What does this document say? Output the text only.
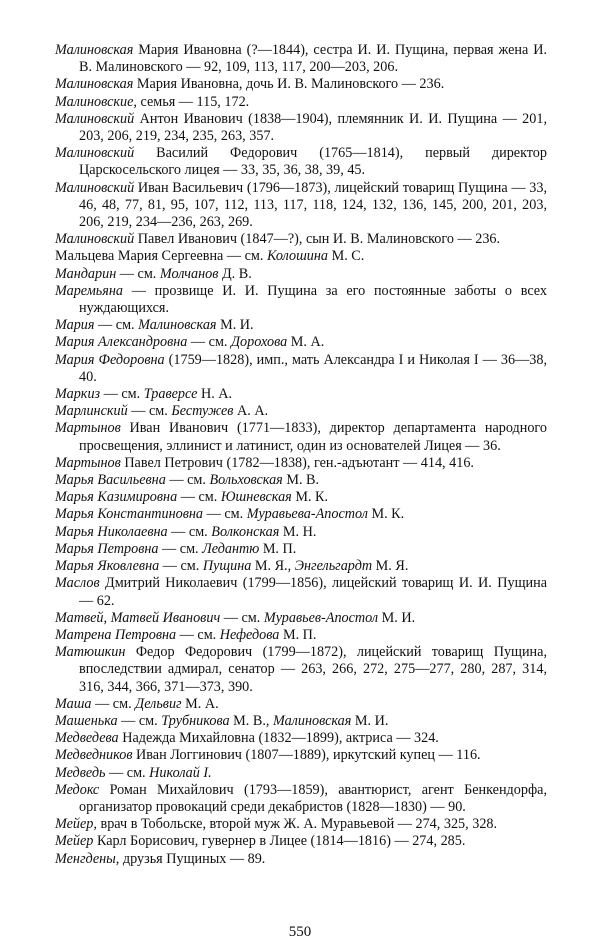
Малиновская Мария Ивановна (?—1844), сестра И. И. Пущина, первая жена И. В. Малиновского — 92, 109, 113, 117, 200—203, 206.
Малиновская Мария Ивановна, дочь И. В. Малиновского — 236.
Малиновские, семья — 115, 172.
Малиновский Антон Иванович (1838—1904), племянник И. И. Пущина — 201, 203, 206, 219, 234, 235, 263, 357.
Малиновский Василий Федорович (1765—1814), первый директор Царскосельского лицея — 33, 35, 36, 38, 39, 45.
Малиновский Иван Васильевич (1796—1873), лицейский товарищ Пущина — 33, 46, 48, 77, 81, 95, 107, 112, 113, 117, 118, 124, 132, 136, 145, 200, 201, 203, 206, 219, 234—236, 263, 269.
Малиновский Павел Иванович (1847—?), сын И. В. Малиновского — 236.
Мальцева Мария Сергеевна — см. Колошина М. С.
Мандарин — см. Молчанов Д. В.
Маремьяна — прозвище И. И. Пущина за его постоянные заботы о всех нуждающихся.
Мария — см. Малиновская М. И.
Мария Александровна — см. Дорохова М. А.
Мария Федоровна (1759—1828), имп., мать Александра I и Николая I — 36—38, 40.
Маркиз — см. Траверсе Н. А.
Марлинский — см. Бестужев А. А.
Мартынов Иван Иванович (1771—1833), директор департамента народного просвещения, эллинист и латинист, один из основателей Лицея — 36.
Мартынов Павел Петрович (1782—1838), ген.-адъютант — 414, 416.
Марья Васильевна — см. Вольховская М. В.
Марья Казимировна — см. Юшневская М. К.
Марья Константиновна — см. Муравьева-Апостол М. К.
Марья Николаевна — см. Волконская М. Н.
Марья Петровна — см. Ледантю М. П.
Марья Яковлевна — см. Пущина М. Я., Энгельгардт М. Я.
Маслов Дмитрий Николаевич (1799—1856), лицейский товарищ И. И. Пущина — 62.
Матвей, Матвей Иванович — см. Муравьев-Апостол М. И.
Матрена Петровна — см. Нефедова М. П.
Матюшкин Федор Федорович (1799—1872), лицейский товарищ Пущина, впоследствии адмирал, сенатор — 263, 266, 272, 275—277, 280, 287, 314, 316, 344, 366, 371—373, 390.
Маша — см. Дельвиг М. А.
Машенька — см. Трубникова М. В., Малиновская М. И.
Медведева Надежда Михайловна (1832—1899), актриса — 324.
Медведников Иван Логгинович (1807—1889), иркутский купец — 116.
Медведь — см. Николай I.
Медокс Роман Михайлович (1793—1859), авантюрист, агент Бенкендорфа, организатор провокаций среди декабристов (1828—1830) — 90.
Мейер, врач в Тобольске, второй муж Ж. А. Муравьевой — 274, 325, 328.
Мейер Карл Борисович, гувернер в Лицее (1814—1816) — 274, 285.
Менгдены, друзья Пущиных — 89.
550
